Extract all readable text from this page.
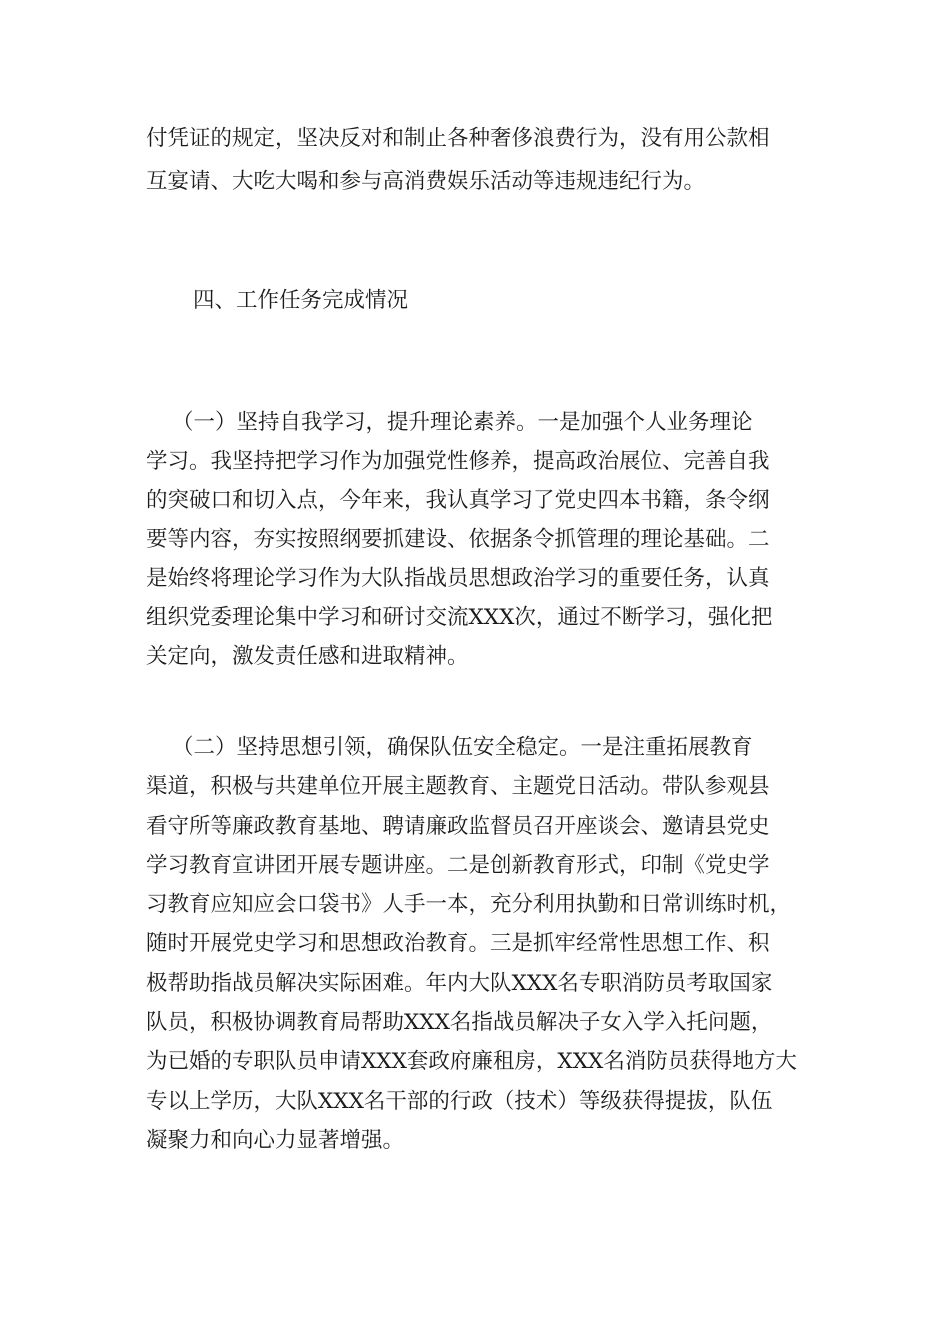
付凭证的规定，坚决反对和制止各种奢侈浪费行为，没有用公款相
互宴请、大吃大喝和参与高消费娱乐活动等违规违纪行为。
四、工作任务完成情况
（一）坚持自我学习，提升理论素养。一是加强个人业务理论
学习。我坚持把学习作为加强党性修养，提高政治展位、完善自我
的突破口和切入点，今年来，我认真学习了党史四本书籍，条令纲
要等内容，夯实按照纲要抓建设、依据条令抓管理的理论基础。二
是始终将理论学习作为大队指战员思想政治学习的重要任务，认真
组织党委理论集中学习和研讨交流XXX次，通过不断学习，强化把
关定向，激发责任感和进取精神。
（二）坚持思想引领，确保队伍安全稳定。一是注重拓展教育
渠道，积极与共建单位开展主题教育、主题党日活动。带队参观县
看守所等廉政教育基地、聘请廉政监督员召开座谈会、邀请县党史
学习教育宣讲团开展专题讲座。二是创新教育形式，印制《党史学
习教育应知应会口袋书》人手一本，充分利用执勤和日常训练时机，
随时开展党史学习和思想政治教育。三是抓牢经常性思想工作、积
极帮助指战员解决实际困难。年内大队XXX名专职消防员考取国家
队员，积极协调教育局帮助XXX名指战员解决子女入学入托问题，
为已婚的专职队员申请XXX套政府廉租房，XXX名消防员获得地方大
专以上学历，大队XXX名干部的行政（技术）等级获得提拔，队伍
凝聚力和向心力显著增强。
